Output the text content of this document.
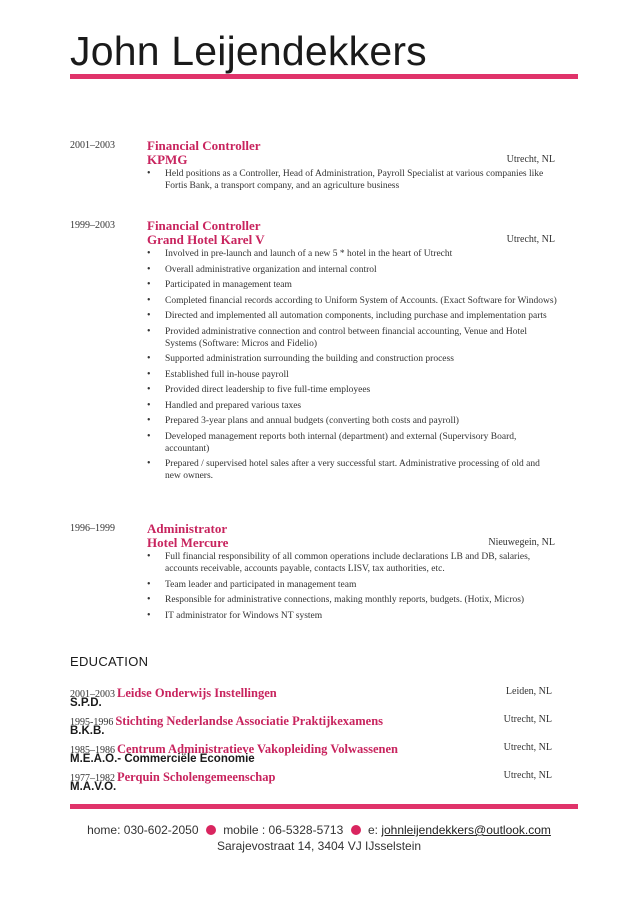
John Leijendekkers
2001–2003 Financial Controller
KPMG	Utrecht, NL
• Held positions as a Controller, Head of Administration, Payroll Specialist at various companies like Fortis Bank, a transport company, and an agriculture business
1999–2003 Financial Controller
Grand Hotel Karel V	Utrecht, NL
• Involved in pre-launch and launch of a new 5 * hotel in the heart of Utrecht
• Overall administrative organization and internal control
• Participated in management team
• Completed financial records according to Uniform System of Accounts. (Exact Software for Windows)
• Directed and implemented all automation components, including purchase and implementation parts
• Provided administrative connection and control between financial accounting, Venue and Hotel Systems (Software: Micros and Fidelio)
• Supported administration surrounding the building and construction process
• Established full in-house payroll
• Provided direct leadership to five full-time employees
• Handled and prepared various taxes
• Prepared 3-year plans and annual budgets (converting both costs and payroll)
• Developed management reports both internal (department) and external (Supervisory Board, accountant)
• Prepared / supervised hotel sales after a very successful start. Administrative processing of old and new owners.
1996–1999 Administrator
Hotel Mercure	Nieuwegein, NL
• Full financial responsibility of all common operations include declarations LB and DB, salaries, accounts receivable, accounts payable, contacts LISV, tax authorities, etc.
• Team leader and participated in management team
• Responsible for administrative connections, making monthly reports, budgets. (Hotix, Micros)
• IT administrator for Windows NT system
EDUCATION
2001–2003 Leidse Onderwijs Instellingen	Leiden, NL
S.P.D.
1995-1996 Stichting Nederlandse Associatie Praktijkexamens	Utrecht, NL
B.K.B.
1985–1986 Centrum Administratieve Vakopleiding Volwassenen	Utrecht, NL
M.E.A.O.- Commerciële Economie
1977–1982 Perquin Scholengemeenschap	Utrecht, NL
M.A.V.O.
home: 030-602-2050 mobile : 06-5328-5713 e: johnleijendekkers@outlook.com
Sarajevostraat 14, 3404 VJ IJsselstein
